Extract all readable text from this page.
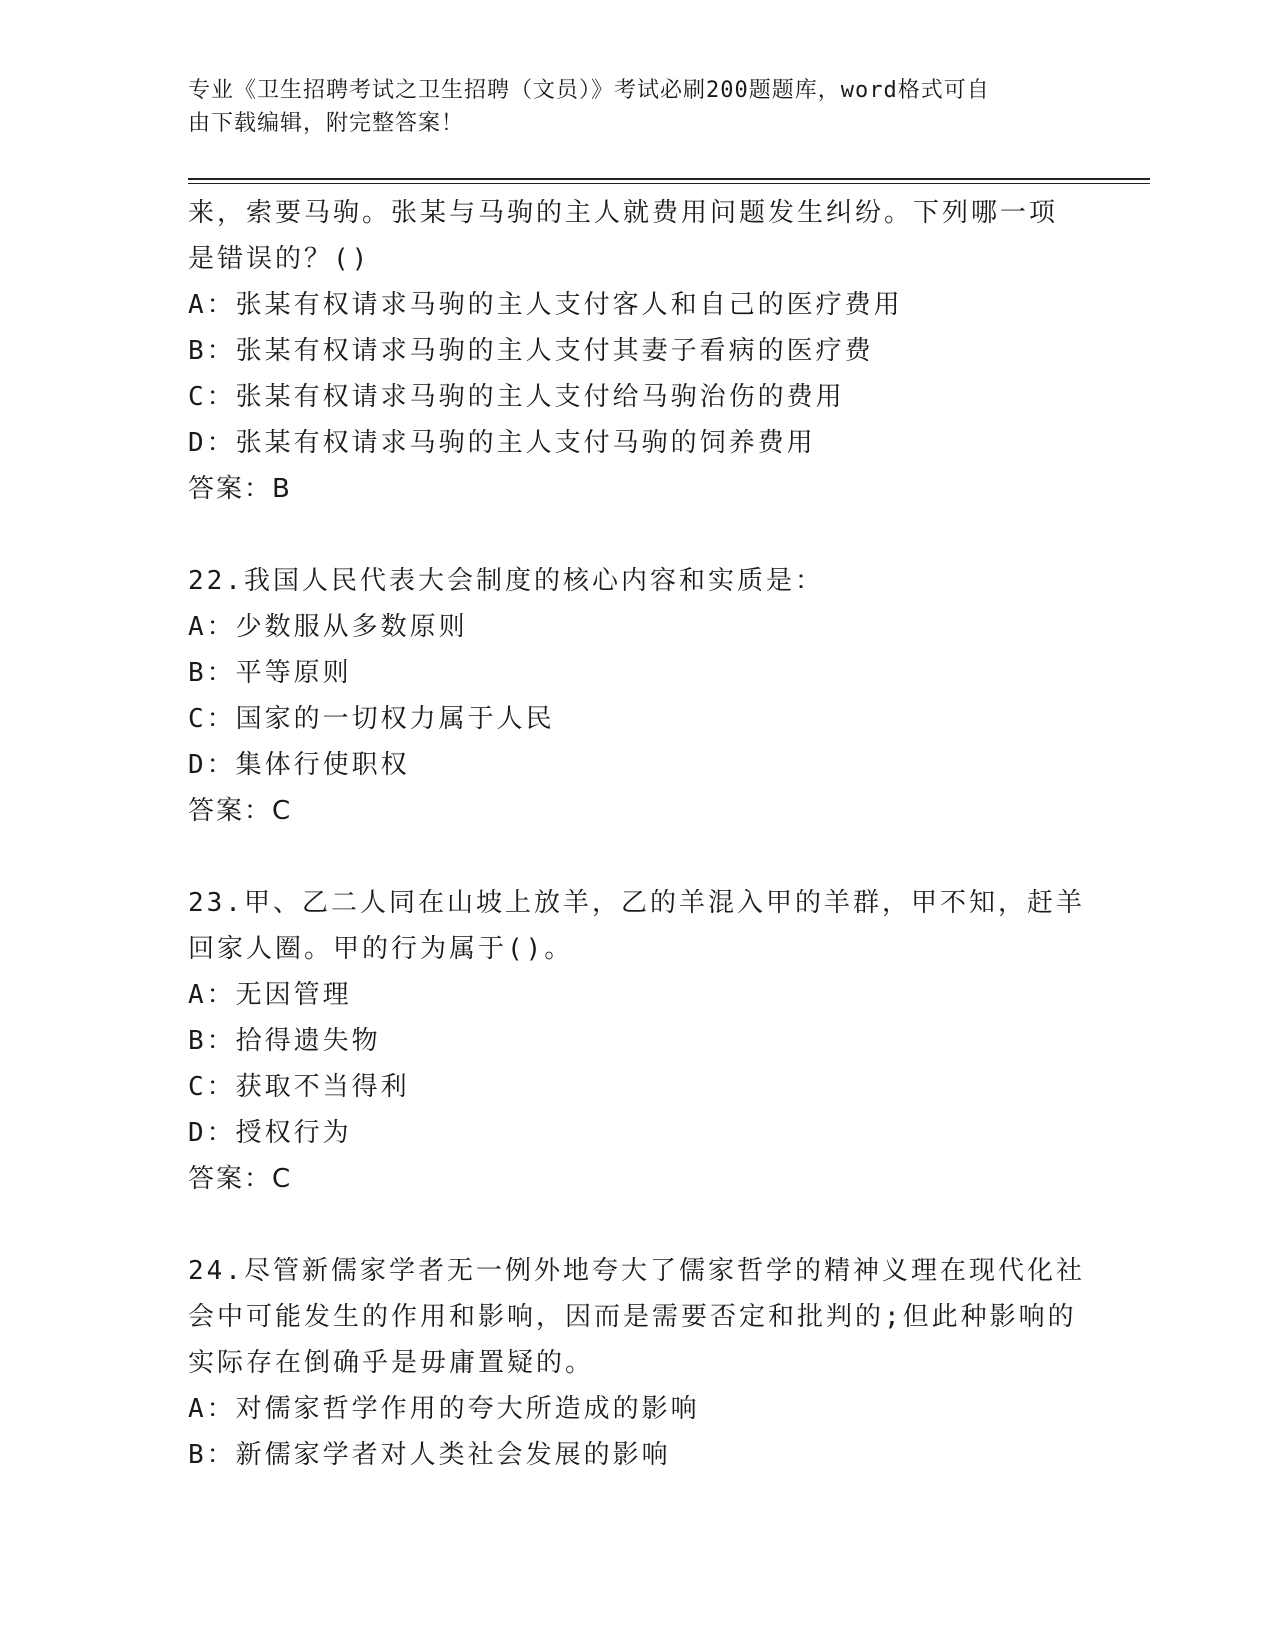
专业《卫生招聘考试之卫生招聘（文员）》考试必刷200题题库，word格式可自
由下载编辑，附完整答案！
来，索要马驹。张某与马驹的主人就费用问题发生纠纷。下列哪一项
是错误的？()
A：张某有权请求马驹的主人支付客人和自己的医疗费用
B：张某有权请求马驹的主人支付其妻子看病的医疗费
C：张某有权请求马驹的主人支付给马驹治伤的费用
D：张某有权请求马驹的主人支付马驹的饲养费用
答案：B
22.我国人民代表大会制度的核心内容和实质是：
A：少数服从多数原则
B：平等原则
C：国家的一切权力属于人民
D：集体行使职权
答案：C
23.甲、乙二人同在山坡上放羊，乙的羊混入甲的羊群，甲不知，赶羊
回家人圈。甲的行为属于()。
A：无因管理
B：拾得遗失物
C：获取不当得利
D：授权行为
答案：C
24.尽管新儒家学者无一例外地夸大了儒家哲学的精神义理在现代化社
会中可能发生的作用和影响，因而是需要否定和批判的;但此种影响的
实际存在倒确乎是毋庸置疑的。
A：对儒家哲学作用的夸大所造成的影响
B：新儒家学者对人类社会发展的影响
